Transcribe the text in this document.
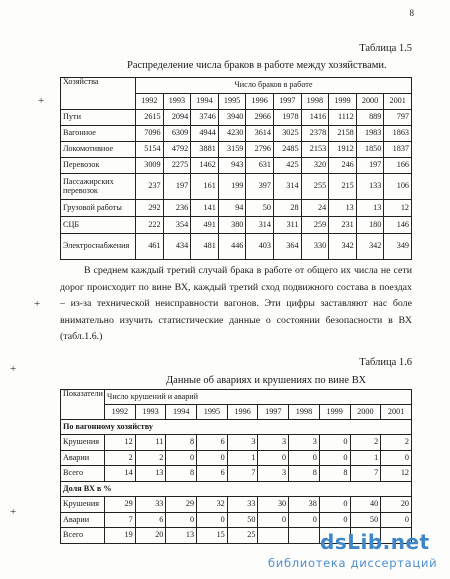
8
+
+
+
+
Таблица 1.5
Распределение числа браков в работе между хозяйствами.
Хозяйства	Число браков в работе									
	1992	1993	1994	1995	1996	1997	1998	1999	2000	2001
Пути	2615	2094	3746	3940	2966	1978	1416	1112	889	797
Вагонное	7096	6309	4944	4230	3614	3025	2378	2158	1983	1863
Локомотивное	5154	4792	3881	3159	2796	2485	2153	1912	1850	1837
Перевозок	3009	2275	1462	943	631	425	320	246	197	166
Пассажирских перевозок	237	197	161	199	397	314	255	215	133	106
Грузовой работы	292	236	141	94	50	28	24	13	13	12
СЦБ	222	354	491	380	314	311	259	231	180	146
Электроснабжения	461	434	481	446	403	364	330	342	342	349

В среднем каждый третий случай брака в работе от общего их числа не сети дорог происходит по вине ВХ, каждый третий сход подвижного состава в поездах – из-за технической неисправности вагонов. Эти цифры заставляют нас боле внимательно изучить статистические данные о состоянии безопасности в ВХ (табл.1.6.)

Таблица 1.6
Данные об авариях и крушениях по вине ВХ
Показатели	Число крушений и аварий									
	1992	1993	1994	1995	1996	1997	1998	1999	2000	2001
По вагонному хозяйству										
Крушения	12	11	8	6	3	3	3	0	2	2
Аварии	2	2	0	0	1	0	0	0	1	0
Всего	14	13	8	6	7	3	8	8	7	12
Доля ВХ в %										
Крушения	29	33	29	32	33	30	38	0	40	20
Аварии	7	6	0	0	50	0	0	0	50	0
Всего	19	20	13	15	25						dsLib.net
библиотека диссертаций
